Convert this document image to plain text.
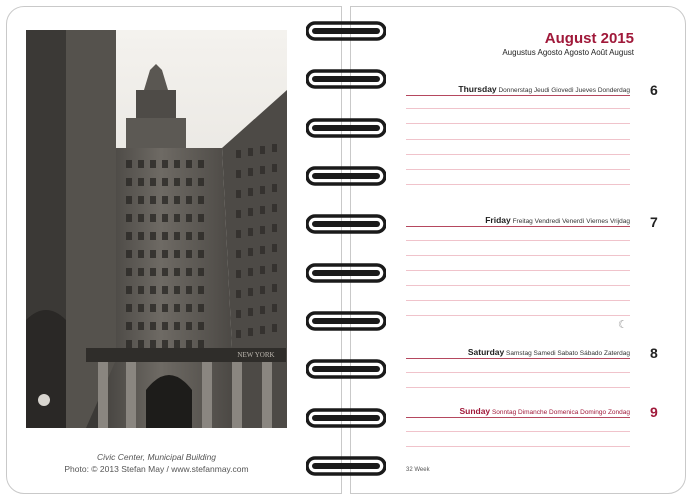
NEW YORK
Civic Center, Municipal Building
Photo: © 2013 Stefan May / www.stefanmay.com
August 2015
Augustus Agosto Agosto Août August
Thursday Donnerstag Jeudi Giovedì Jueves Donderdag 6
Friday Freitag Vendredi Venerdì Viernes Vrijdag 7
☾
Saturday Samstag Samedi Sabato Sábado Zaterdag 8
Sunday Sonntag Dimanche Domenica Domingo Zondag 9
32 Week
